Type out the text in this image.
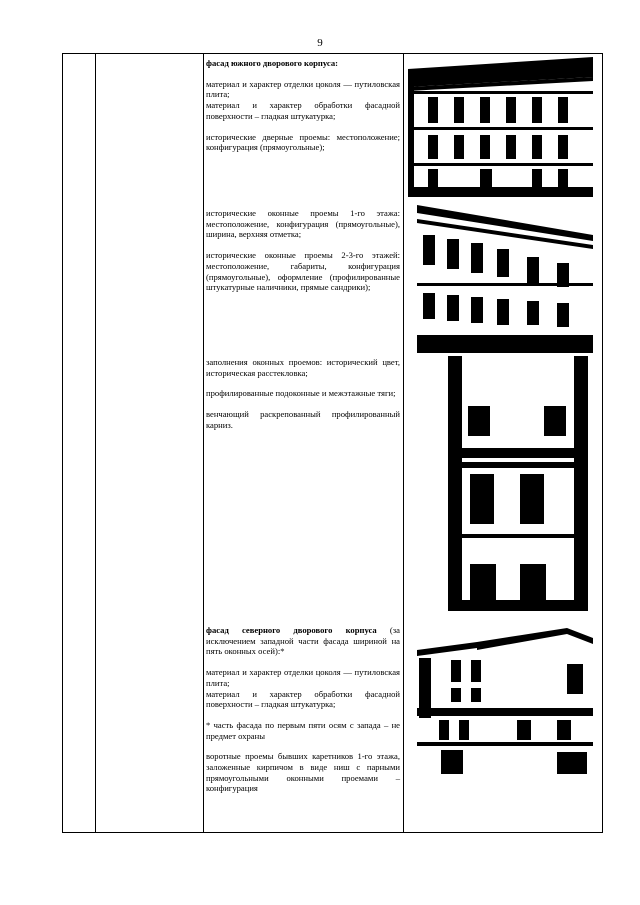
9

фасад южного дворового корпуса:

материал и характер отделки цоколя — путиловская плита;

материал и характер обработки фасадной поверхности – гладкая штукатурка;

исторические дверные проемы: местоположение; конфигурация (прямоугольные);

исторические оконные проемы 1-го этажа: местоположение, конфигурация (прямоугольные), ширина, верхняя отметка;

исторические оконные проемы 2-3-го этажей: местоположение, габариты, конфигурация (прямоугольные), оформление (профилированные штукатурные наличники, прямые сандрики);

заполнения оконных проемов: исторический цвет, историческая расстекловка;

профилированные подоконные и межэтажные тяги;

венчающий раскрепованный профилированный карниз.

фасад северного дворового корпуса (за исключением западной части фасада шириной на пять оконных осей):*

материал и характер отделки цоколя — путиловская плита;

материал и характер обработки фасадной поверхности – гладкая штукатурка;

* часть фасада по первым пяти осям с запада – не предмет охраны

воротные проемы бывших каретников 1-го этажа, заложенные кирпичом в виде ниш с парными прямоугольными оконными проемами – конфигурация
